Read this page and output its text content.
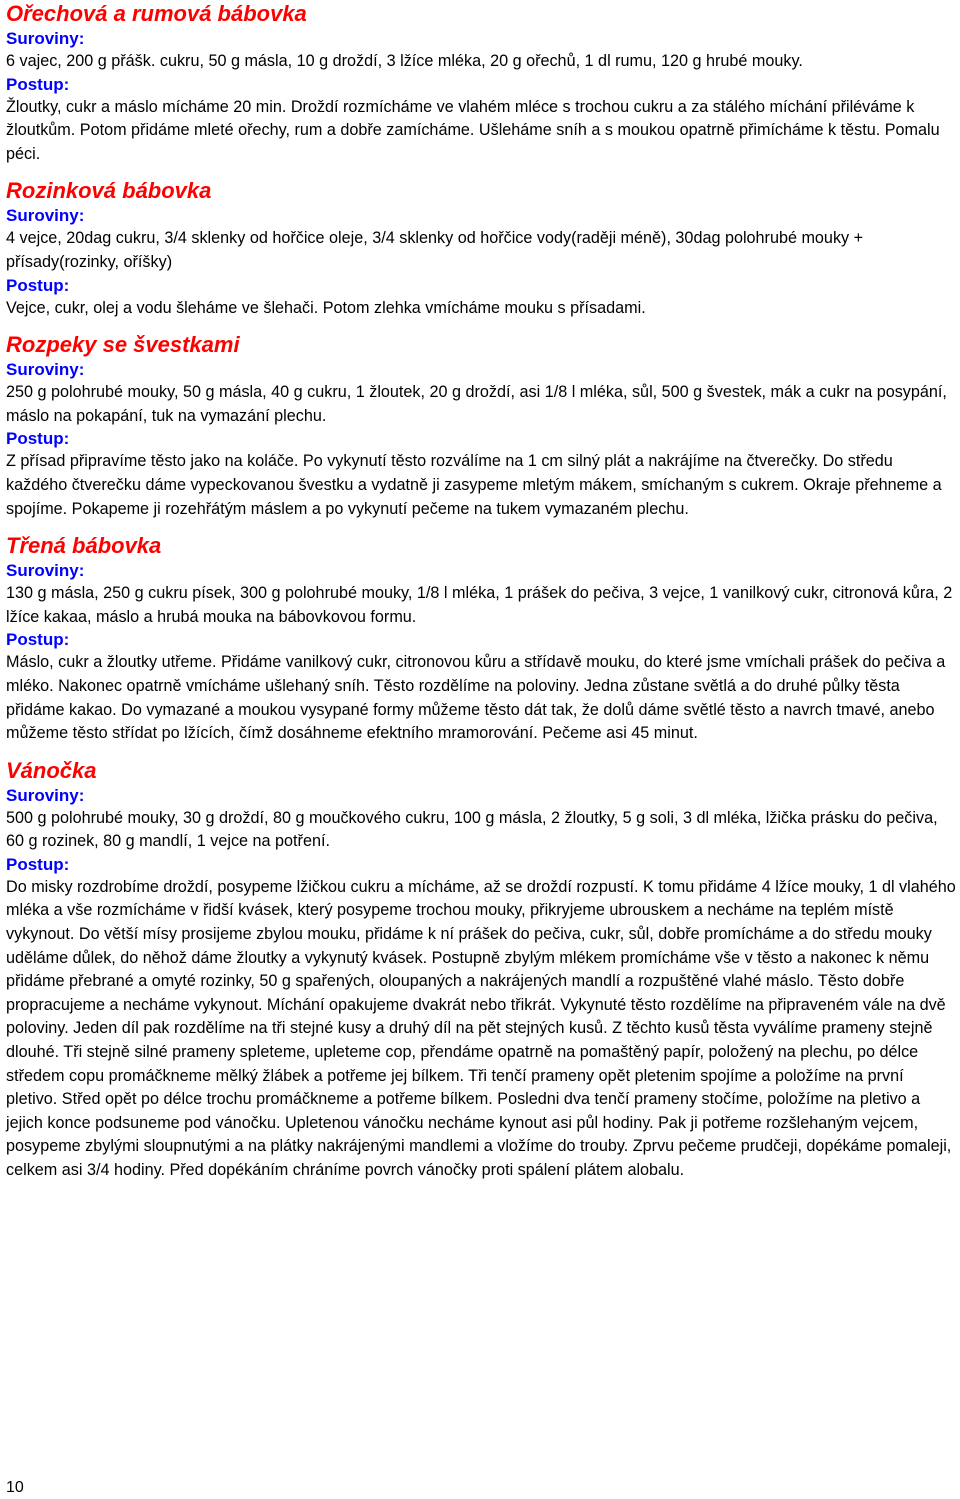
Ořechová a rumová bábovka
Suroviny:

6 vajec, 200 g přášk. cukru, 50 g másla, 10 g droždí, 3 lžíce mléka, 20 g ořechů, 1 dl rumu, 120 g hrubé mouky.

Postup:

Žloutky, cukr a máslo mícháme 20 min. Droždí rozmícháme ve vlahém mléce s trochou cukru a za stálého míchání přiléváme k žloutkům. Potom přidáme mleté ořechy, rum a dobře zamícháme. Ušleháme sníh a s moukou opatrně přimícháme k těstu. Pomalu péci.

Rozinková bábovka
Suroviny:

4 vejce, 20dag cukru, 3/4 sklenky od hořčice oleje, 3/4 sklenky od hořčice vody(raději méně), 30dag polohrubé mouky + přísady(rozinky, oříšky)

Postup:

Vejce, cukr, olej a vodu šleháme ve šlehači. Potom zlehka vmícháme mouku s přísadami.

Rozpeky se švestkami
Suroviny:

250 g polohrubé mouky, 50 g másla, 40 g cukru, 1 žloutek, 20 g droždí, asi 1/8 l mléka, sůl, 500 g švestek, mák a cukr na posypání, máslo na pokapání, tuk na vymazání plechu.

Postup:

Z přísad připravíme těsto jako na koláče. Po vykynutí těsto rozválíme na 1 cm silný plát a nakrájíme na čtverečky. Do středu každého čtverečku dáme vypeckovanou švestku a vydatně ji zasypeme mletým mákem, smíchaným s cukrem. Okraje přehneme a spojíme. Pokapeme ji rozehřátým máslem a po vykynutí pečeme na tukem vymazaném plechu.

Třená bábovka
Suroviny:

130 g másla, 250 g cukru písek, 300 g polohrubé mouky, 1/8 l mléka, 1 prášek do pečiva, 3 vejce, 1 vanilkový cukr, citronová kůra, 2 lžíce kakaa, máslo a hrubá mouka na bábovkovou formu.

Postup:

Máslo, cukr a žloutky utřeme. Přidáme vanilkový cukr, citronovou kůru a střídavě mouku, do které jsme vmíchali prášek do pečiva a mléko. Nakonec opatrně vmícháme ušlehaný sníh. Těsto rozdělíme na poloviny. Jedna zůstane světlá a do druhé půlky těsta přidáme kakao. Do vymazané a moukou vysypané formy můžeme těsto dát tak, že dolů dáme světlé těsto a navrch tmavé, anebo můžeme těsto střídat po lžících, čímž dosáhneme efektního mramorování. Pečeme asi 45 minut.

Vánočka
Suroviny:

500 g polohrubé mouky, 30 g droždí, 80 g moučkového cukru, 100 g másla, 2 žloutky, 5 g soli, 3 dl mléka, lžička prásku do pečiva, 60 g rozinek, 80 g mandlí, 1 vejce na potření.

Postup:

Do misky rozdrobíme droždí, posypeme lžičkou cukru a mícháme, až se droždí rozpustí. K tomu přidáme 4 lžíce mouky, 1 dl vlahého mléka a vše rozmícháme v řidší kvásek, který posypeme trochou mouky, přikryjeme ubrouskem a necháme na teplém místě vykynout. Do větší mísy prosijeme zbylou mouku, přidáme k ní prášek do pečiva, cukr, sůl, dobře promícháme a do středu mouky uděláme důlek, do něhož dáme žloutky a vykynutý kvásek. Postupně zbylým mlékem promícháme vše v těsto a nakonec k němu přidáme přebrané a omyté rozinky, 50 g spařených, oloupaných a nakrájených mandlí a rozpuštěné vlahé máslo. Těsto dobře propracujeme a necháme vykynout. Míchání opakujeme dvakrát nebo třikrát. Vykynuté těsto rozdělíme na připraveném vále na dvě poloviny. Jeden díl pak rozdělíme na tři stejné kusy a druhý díl na pět stejných kusů. Z těchto kusů těsta vyválíme prameny stejně dlouhé. Tři stejně silné prameny spleteme, upleteme cop, přendáme opatrně na pomaštěný papír, položený na plechu, po délce středem copu promáčkneme mělký žlábek a potřeme jej bílkem. Tři tenčí prameny opět pletenim spojíme a položíme na první pletivo. Střed opět po délce trochu promáčkneme a potřeme bílkem. Posledni dva tenčí prameny stočíme, položíme na pletivo a jejich konce podsuneme pod vánočku. Upletenou vánočku necháme kynout asi půl hodiny. Pak ji potřeme rozšlehaným vejcem, posypeme zbylými sloupnutými a na plátky nakrájenými mandlemi a vložíme do trouby. Zprvu pečeme prudčeji, dopékáme pomaleji, celkem asi 3/4 hodiny. Před dopékáním chráníme povrch vánočky proti spálení plátem alobalu.

10
